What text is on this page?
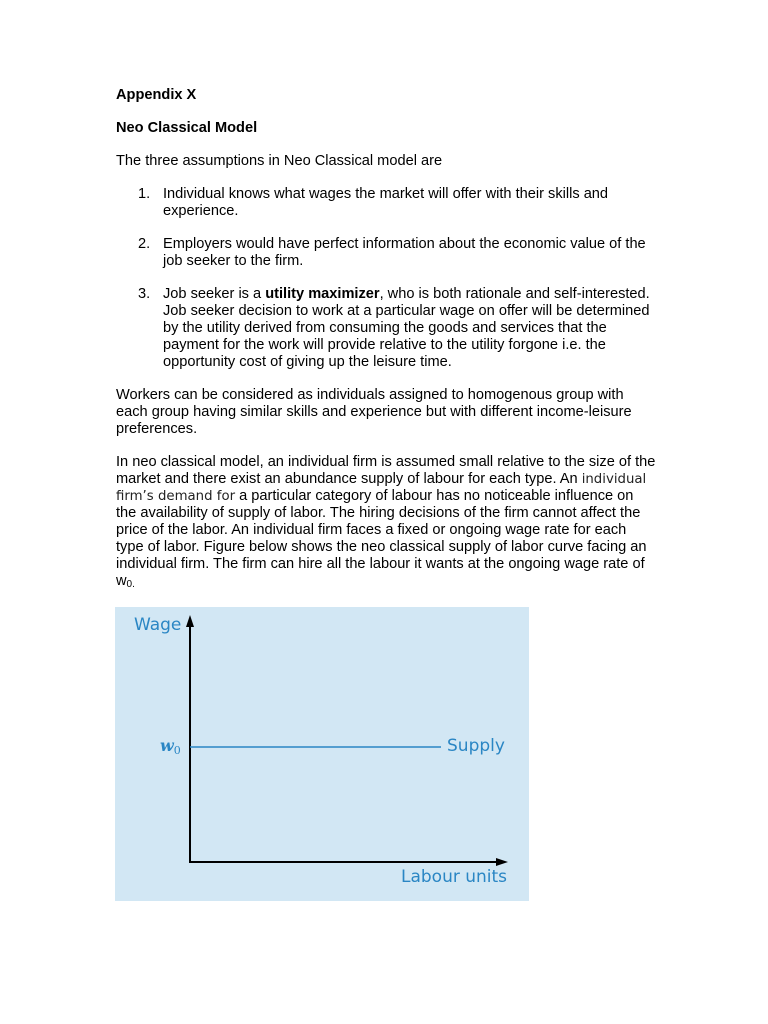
Appendix X

Neo Classical Model

The three assumptions in Neo Classical model are

1. Individual knows what wages the market will offer with their skills and experience.
2. Employers would have perfect information about the economic value of the job seeker to the firm.
3. Job seeker is a utility maximizer, who is both rationale and self-interested. Job seeker decision to work at a particular wage on offer will be determined by the utility derived from consuming the goods and services that the payment for the work will provide relative to the utility forgone i.e. the opportunity cost of giving up the leisure time.

Workers can be considered as individuals assigned to homogenous group with each group having similar skills and experience but with different income-leisure preferences.

In neo classical model, an individual firm is assumed small relative to the size of the market and there exist an abundance supply of labour for each type. An individual firm’s demand for a particular category of labour has no noticeable influence on the availability of supply of labor. The hiring decisions of the firm cannot affect the price of the labor. An individual firm faces a fixed or ongoing wage rate for each type of labor. Figure below shows the neo classical supply of labor curve facing an individual firm. The firm can hire all the labour it wants at the ongoing wage rate of $w_{0.}$

Wage
w0	Supply
Labour units
